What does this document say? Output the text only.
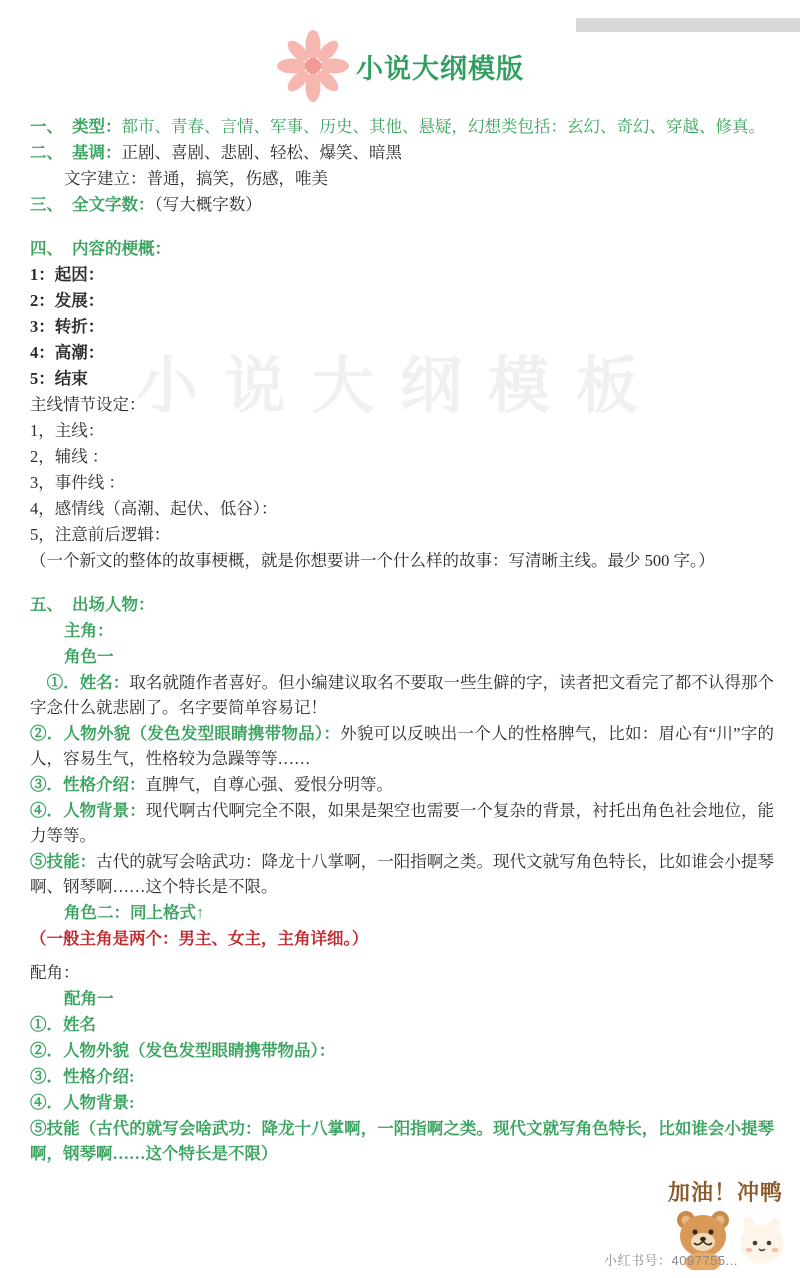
小说大纲模版
小说大纲模板

一、 类型：都市、青春、言情、军事、历史、其他、悬疑，幻想类包括：玄幻、奇幻、穿越、修真。

二、 基调：正剧、喜剧、悲剧、轻松、爆笑、暗黑

文字建立：普通，搞笑，伤感，唯美

三、 全文字数：（写大概字数）

四、 内容的梗概：

1：起因：

2：发展：

3：转折：

4：高潮：

5：结束

主线情节设定：

1，主线：

2，辅线 ：

3，事件线 ：

4，感情线（高潮、起伏、低谷）：

5，注意前后逻辑：

（一个新文的整体的故事梗概，就是你想要讲一个什么样的故事：写清晰主线。最少 500 字。）

五、 出场人物：

主角：

角色一

①．姓名：取名就随作者喜好。但小编建议取名不要取一些生僻的字，读者把文看完了都不认得那个字念什么就悲剧了。名字要简单容易记！

②．人物外貌（发色发型眼睛携带物品）：外貌可以反映出一个人的性格脾气，比如：眉心有“川”字的人，容易生气，性格较为急躁等等……

③．性格介绍：直脾气，自尊心强、爱恨分明等。

④．人物背景：现代啊古代啊完全不限，如果是架空也需要一个复杂的背景，衬托出角色社会地位，能力等等。

⑤技能：古代的就写会啥武功：降龙十八掌啊，一阳指啊之类。现代文就写角色特长，比如谁会小提琴啊、钢琴啊……这个特长是不限。

角色二：同上格式↑

（一般主角是两个：男主、女主，主角详细。）

配角：

配角一

①．姓名

②．人物外貌（发色发型眼睛携带物品）：

③．性格介绍:

④．人物背景:

⑤技能（古代的就写会啥武功：降龙十八掌啊，一阳指啊之类。现代文就写角色特长，比如谁会小提琴啊，钢琴啊……这个特长是不限）

加油！冲鸭
小红书号：4097755...
